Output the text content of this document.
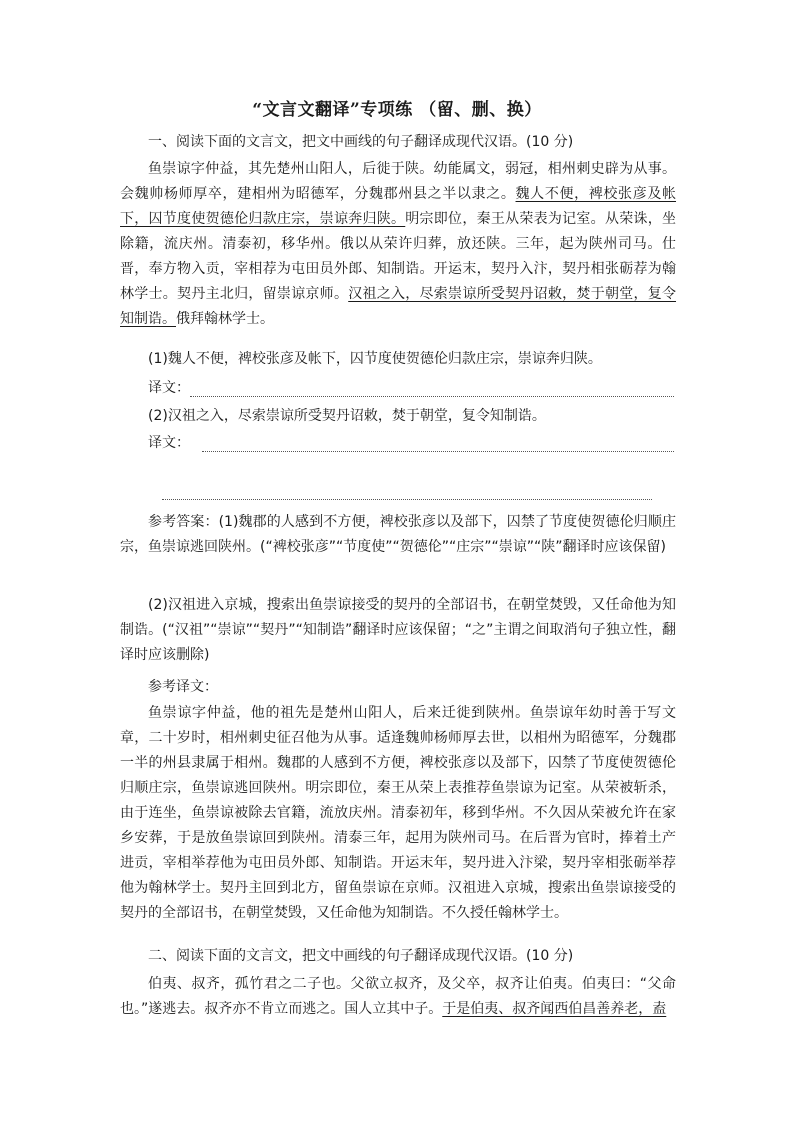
“文言文翻译”专项练 （留、删、换）
一、阅读下面的文言文，把文中画线的句子翻译成现代汉语。(10 分)
鱼崇谅字仲益，其先楚州山阳人，后徙于陕。幼能属文，弱冠，相州刺史辟为从事。会魏帅杨师厚卒，建相州为昭德军，分魏郡州县之半以隶之。魏人不便，裨校张彦及帐下，囚节度使贺德伦归款庄宗，崇谅奔归陕。明宗即位，秦王从荣表为记室。从荣诛，坐除籍，流庆州。清泰初，移华州。俄以从荣许归葬，放还陕。三年，起为陕州司马。仕晋，奉方物入贡，宰相荐为屯田员外郎、知制诰。开运末，契丹入汴，契丹相张砺荐为翰林学士。契丹主北归，留崇谅京师。汉祖之入，尽索崇谅所受契丹诏敕，焚于朝堂，复令知制诰。俄拜翰林学士。
(1)魏人不便，裨校张彦及帐下，囚节度使贺德伦归款庄宗，崇谅奔归陕。
译文：
(2)汉祖之入，尽索崇谅所受契丹诏敕，焚于朝堂，复令知制诰。
译文：
参考答案：(1)魏郡的人感到不方便，裨校张彦以及部下，囚禁了节度使贺德伦归顺庄宗，鱼崇谅逃回陕州。(“裨校张彦”“节度使”“贺德伦”“庄宗”“崇谅”“陕”翻译时应该保留)
(2)汉祖进入京城，搜索出鱼崇谅接受的契丹的全部诏书，在朝堂焚毁，又任命他为知制诰。(“汉祖”“崇谅”“契丹”“知制诰”翻译时应该保留；“之”主谓之间取消句子独立性，翻译时应该删除)
参考译文：
鱼崇谅字仲益，他的祖先是楚州山阳人，后来迁徙到陕州。鱼崇谅年幼时善于写文章，二十岁时，相州刺史征召他为从事。适逢魏帅杨师厚去世，以相州为昭德军，分魏郡一半的州县隶属于相州。魏郡的人感到不方便，裨校张彦以及部下，囚禁了节度使贺德伦归顺庄宗，鱼崇谅逃回陕州。明宗即位，秦王从荣上表推荐鱼崇谅为记室。从荣被斩杀，由于连坐，鱼崇谅被除去官籍，流放庆州。清泰初年，移到华州。不久因从荣被允许在家乡安葬，于是放鱼崇谅回到陕州。清泰三年，起用为陕州司马。在后晋为官时，捧着土产进贡，宰相举荐他为屯田员外郎、知制诰。开运末年，契丹进入汴梁，契丹宰相张砺举荐他为翰林学士。契丹主回到北方，留鱼崇谅在京师。汉祖进入京城，搜索出鱼崇谅接受的契丹的全部诏书，在朝堂焚毁，又任命他为知制诰。不久授任翰林学士。
二、阅读下面的文言文，把文中画线的句子翻译成现代汉语。(10 分)
伯夷、叔齐，孤竹君之二子也。父欲立叔齐，及父卒，叔齐让伯夷。伯夷曰：“父命也。”遂逃去。叔齐亦不肯立而逃之。国人立其中子。于是伯夷、叔齐闻西伯昌善养老，盍
